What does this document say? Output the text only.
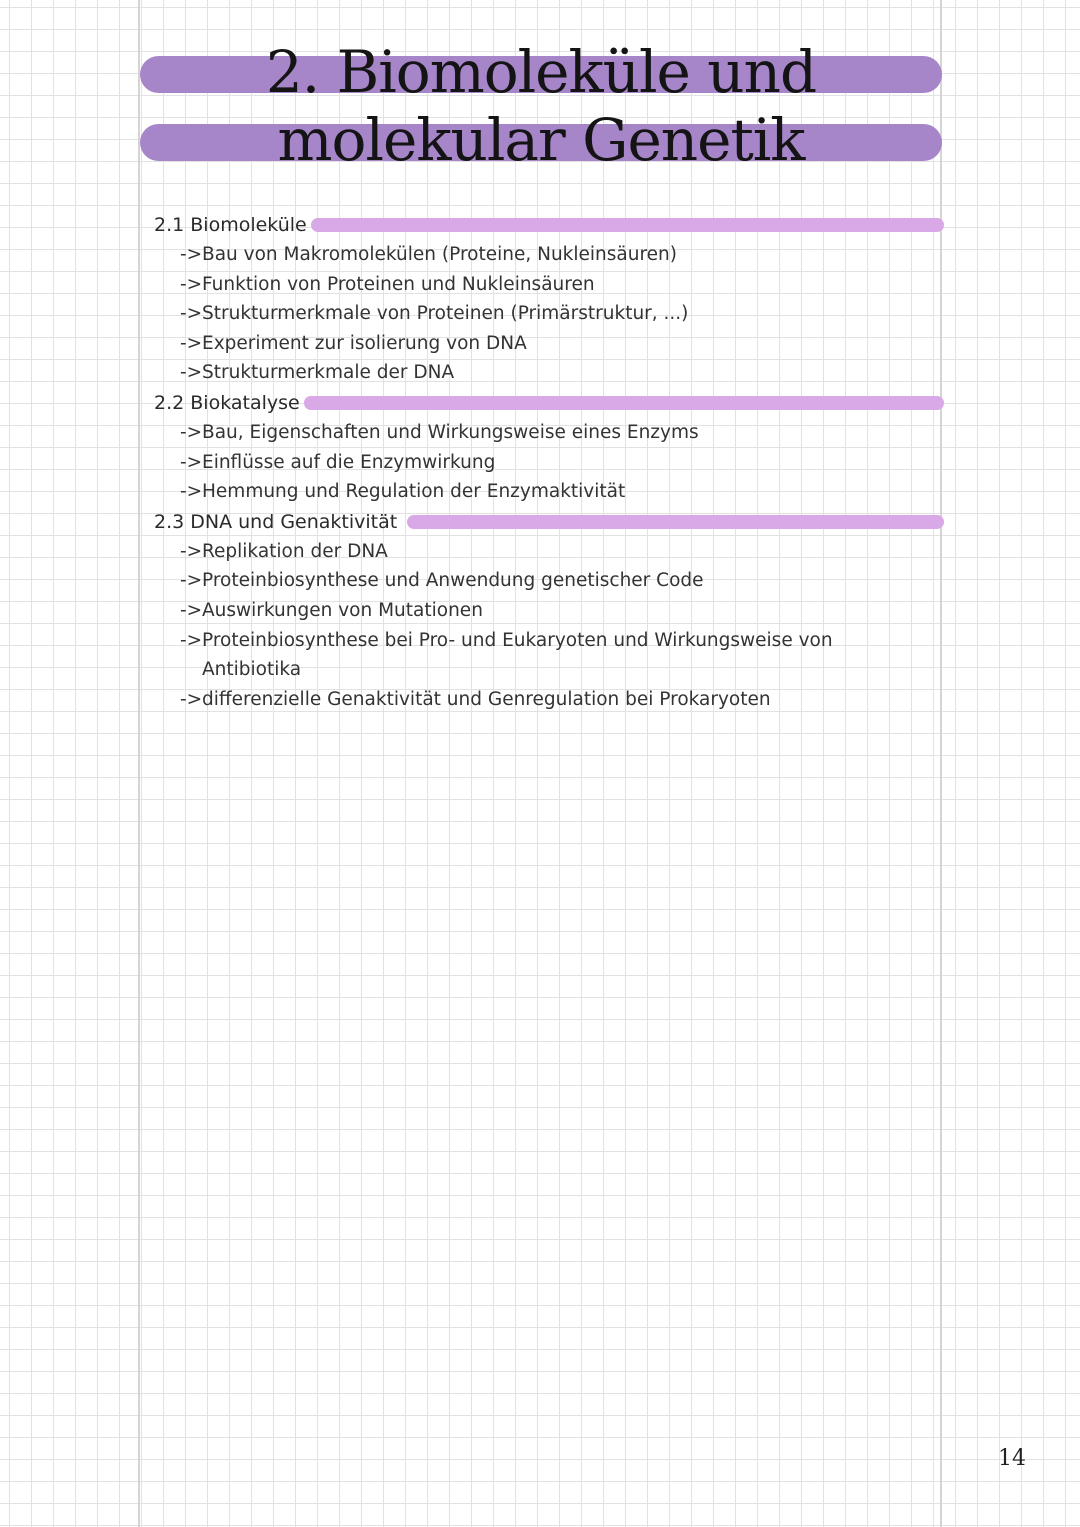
2. Biomoleküle und
molekular Genetik
2.1 Biomoleküle
-> Bau von Makromolekülen (Proteine, Nukleinsäuren)
-> Funktion von Proteinen und Nukleinsäuren
-> Strukturmerkmale von Proteinen (Primärstruktur, ...)
-> Experiment zur isolierung von DNA
-> Strukturmerkmale der DNA
2.2 Biokatalyse
-> Bau, Eigenschaften und Wirkungsweise eines Enzyms
-> Einflüsse auf die Enzymwirkung
-> Hemmung und Regulation der Enzymaktivität
2.3 DNA und Genaktivität
-> Replikation der DNA
-> Proteinbiosynthese und Anwendung genetischer Code
-> Auswirkungen von Mutationen
-> Proteinbiosynthese bei Pro- und Eukaryoten und Wirkungsweise von Antibiotika
-> differenzielle Genaktivität und Genregulation bei Prokaryoten
14
